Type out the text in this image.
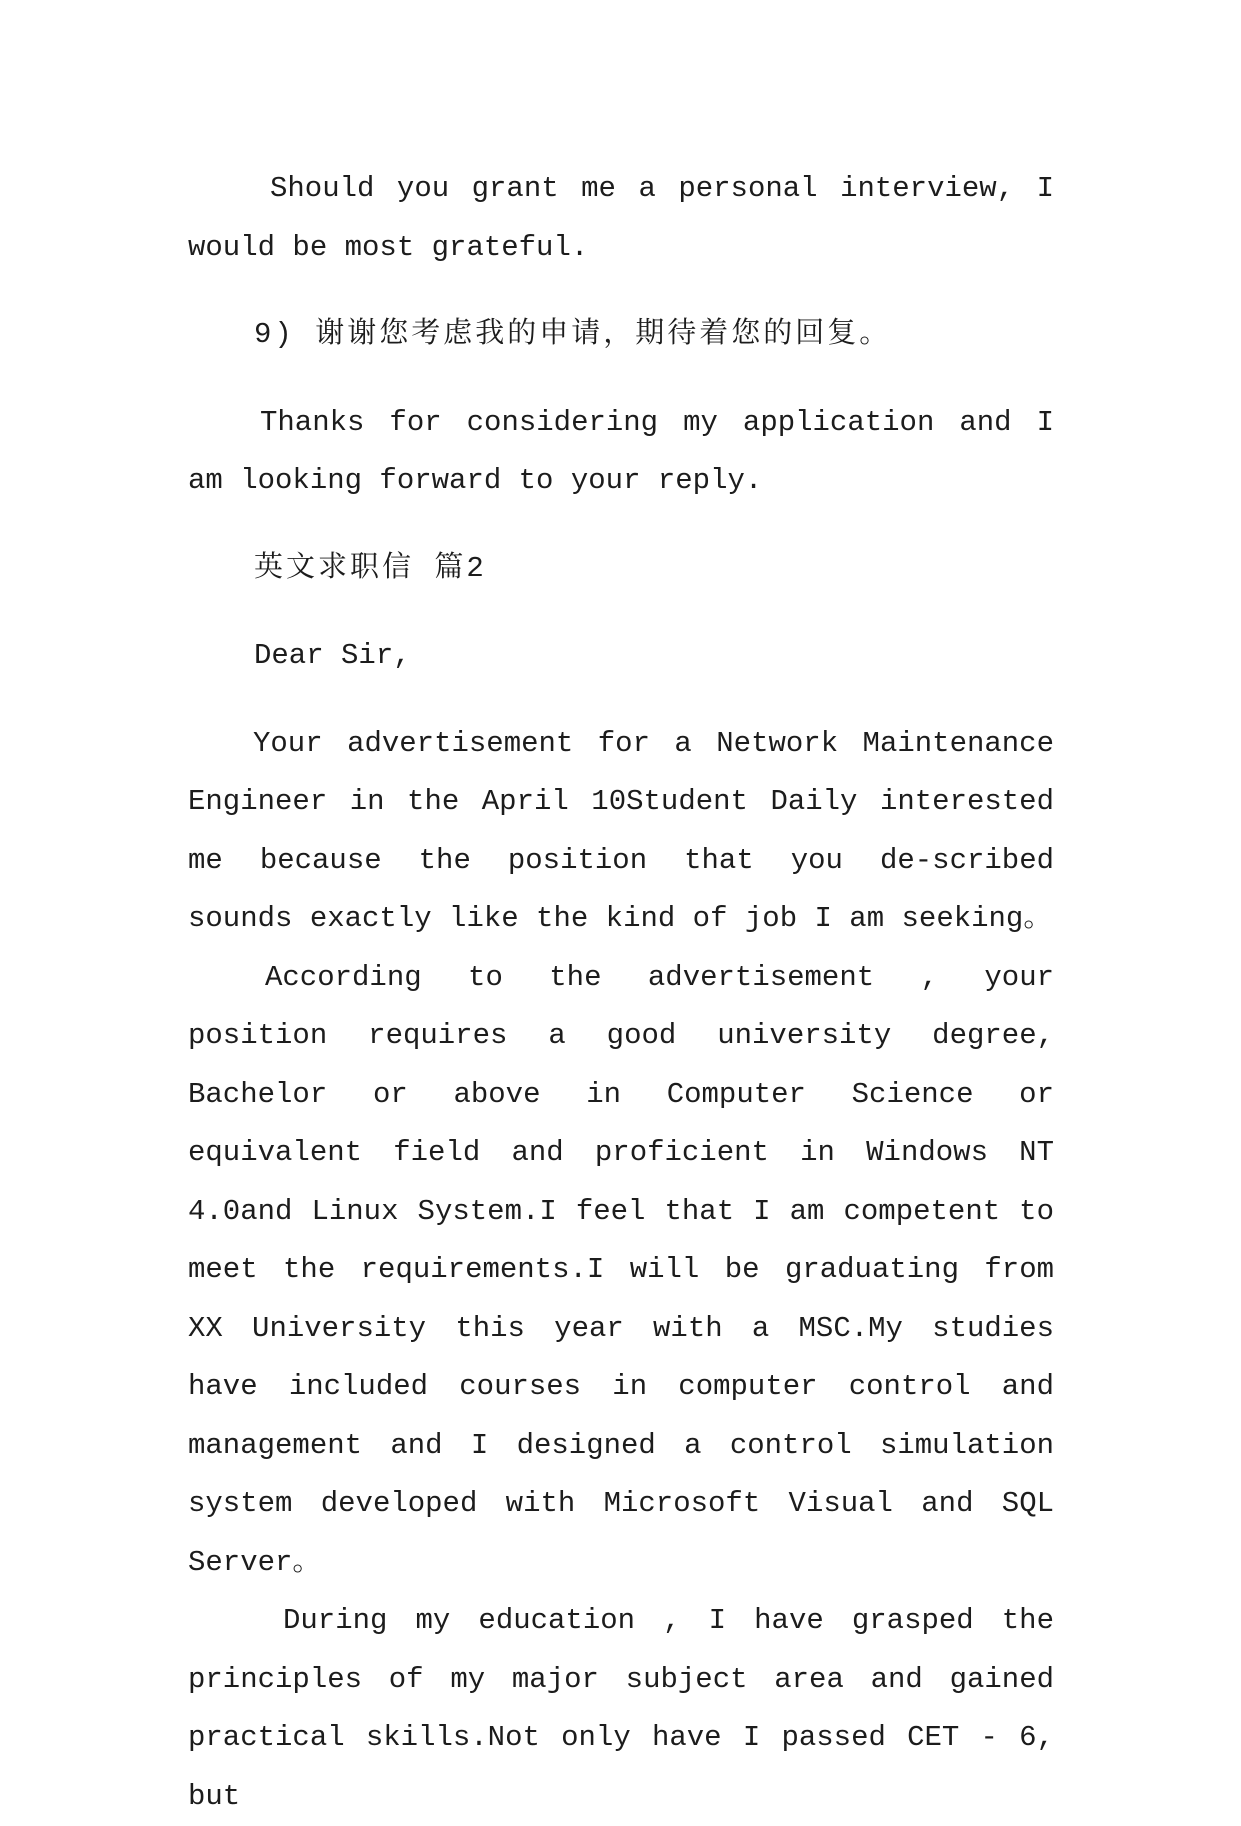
Should you grant me a personal interview, I would be most grateful.

9) 谢谢您考虑我的申请，期待着您的回复。

Thanks for considering my application and I am looking forward to your reply.

英文求职信 篇2

Dear Sir,

Your advertisement for a Network Maintenance Engineer in the April 10Student Daily interested me because the position that you de-scribed sounds exactly like the kind of job I am seeking。

According to the advertisement , your position requires a good university degree, Bachelor or above in Computer Science or equivalent field and proficient in Windows NT 4.0and Linux System.I feel that I am competent to meet the requirements.I will be graduating from XX University this year with a MSC.My studies have included courses in computer control and management and I designed a control simulation system developed with Microsoft Visual and SQL Server。

During my education , I have grasped the principles of my major subject area and gained practical skills.Not only have I passed CET - 6, but
